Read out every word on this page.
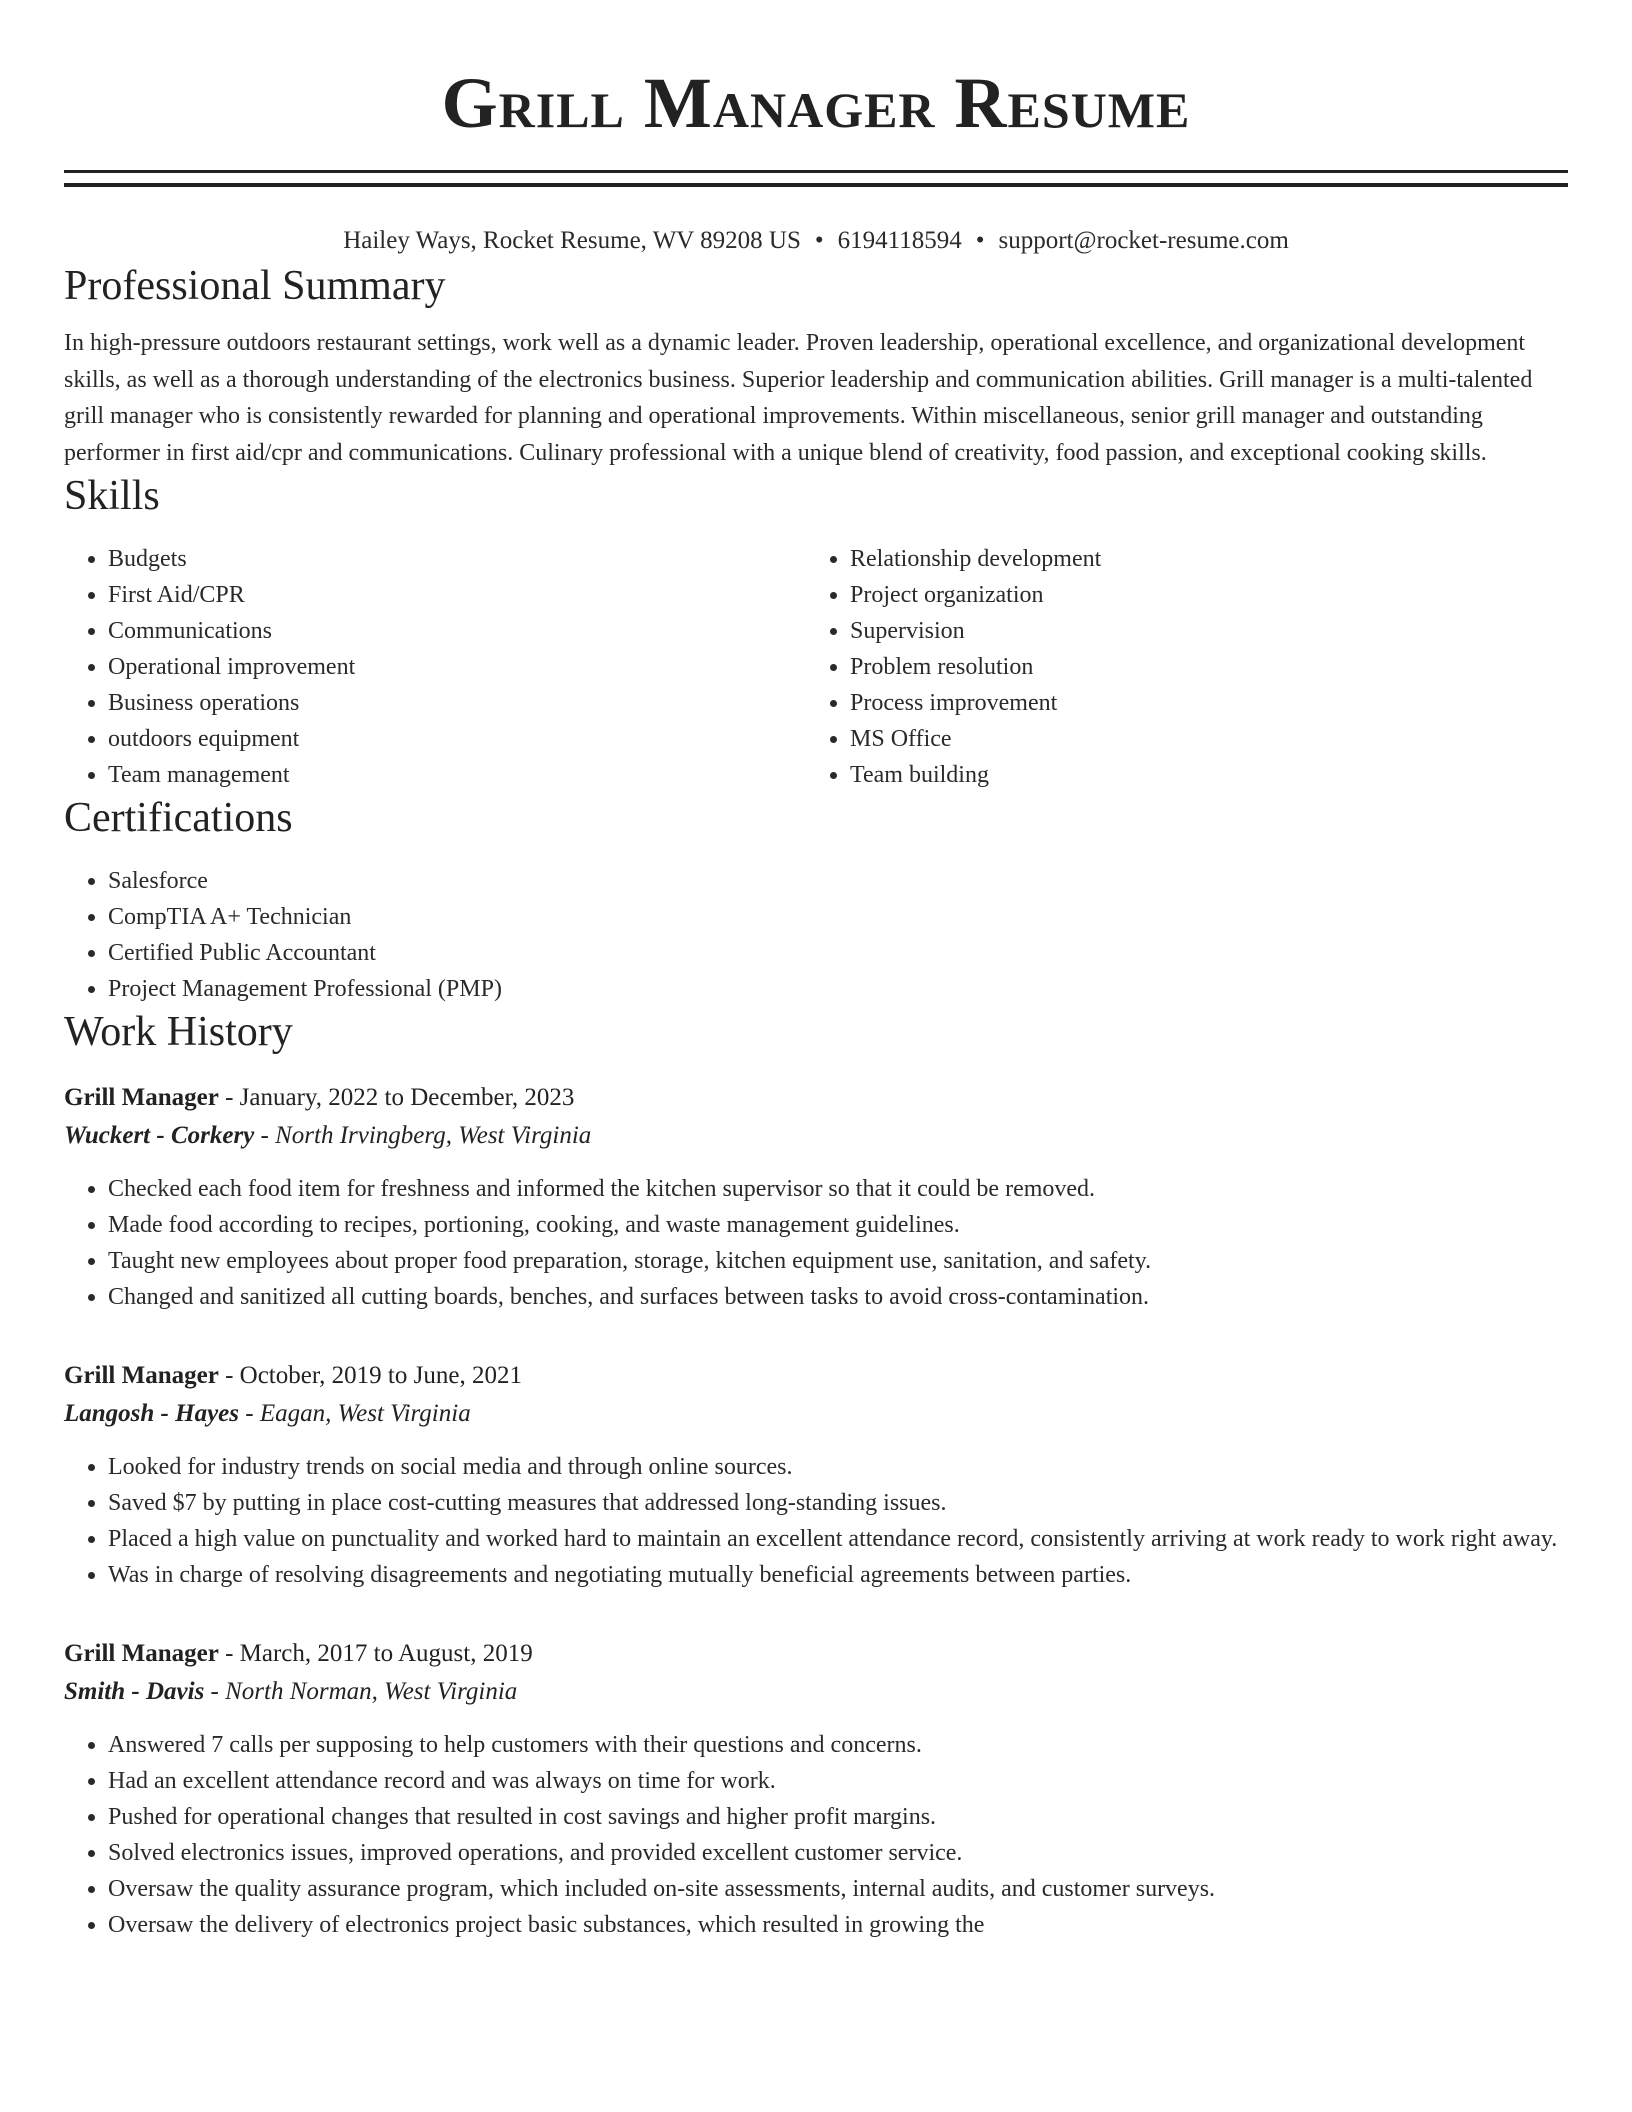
Grill Manager Resume
Hailey Ways, Rocket Resume, WV 89208 US • 6194118594 • support@rocket-resume.com
Professional Summary

In high-pressure outdoors restaurant settings, work well as a dynamic leader. Proven leadership, operational excellence, and organizational development skills, as well as a thorough understanding of the electronics business. Superior leadership and communication abilities. Grill manager is a multi-talented grill manager who is consistently rewarded for planning and operational improvements. Within miscellaneous, senior grill manager and outstanding performer in first aid/cpr and communications. Culinary professional with a unique blend of creativity, food passion, and exceptional cooking skills.

Skills
• Budgets
• First Aid/CPR
• Communications
• Operational improvement
• Business operations
• outdoors equipment
• Team management
• Relationship development
• Project organization
• Supervision
• Problem resolution
• Process improvement
• MS Office
• Team building
Certifications
• Salesforce
• CompTIA A+ Technician
• Certified Public Accountant
• Project Management Professional (PMP)
Work History
Grill Manager - January, 2022 to December, 2023
Wuckert - Corkery - North Irvingberg, West Virginia
• Checked each food item for freshness and informed the kitchen supervisor so that it could be removed.
• Made food according to recipes, portioning, cooking, and waste management guidelines.
• Taught new employees about proper food preparation, storage, kitchen equipment use, sanitation, and safety.
• Changed and sanitized all cutting boards, benches, and surfaces between tasks to avoid cross-contamination.
Grill Manager - October, 2019 to June, 2021
Langosh - Hayes - Eagan, West Virginia
• Looked for industry trends on social media and through online sources.
• Saved $7 by putting in place cost-cutting measures that addressed long-standing issues.
• Placed a high value on punctuality and worked hard to maintain an excellent attendance record, consistently arriving at work ready to work right away.
• Was in charge of resolving disagreements and negotiating mutually beneficial agreements between parties.
Grill Manager - March, 2017 to August, 2019
Smith - Davis - North Norman, West Virginia
• Answered 7 calls per supposing to help customers with their questions and concerns.
• Had an excellent attendance record and was always on time for work.
• Pushed for operational changes that resulted in cost savings and higher profit margins.
• Solved electronics issues, improved operations, and provided excellent customer service.
• Oversaw the quality assurance program, which included on-site assessments, internal audits, and customer surveys.
• Oversaw the delivery of electronics project basic substances, which resulted in growing the
